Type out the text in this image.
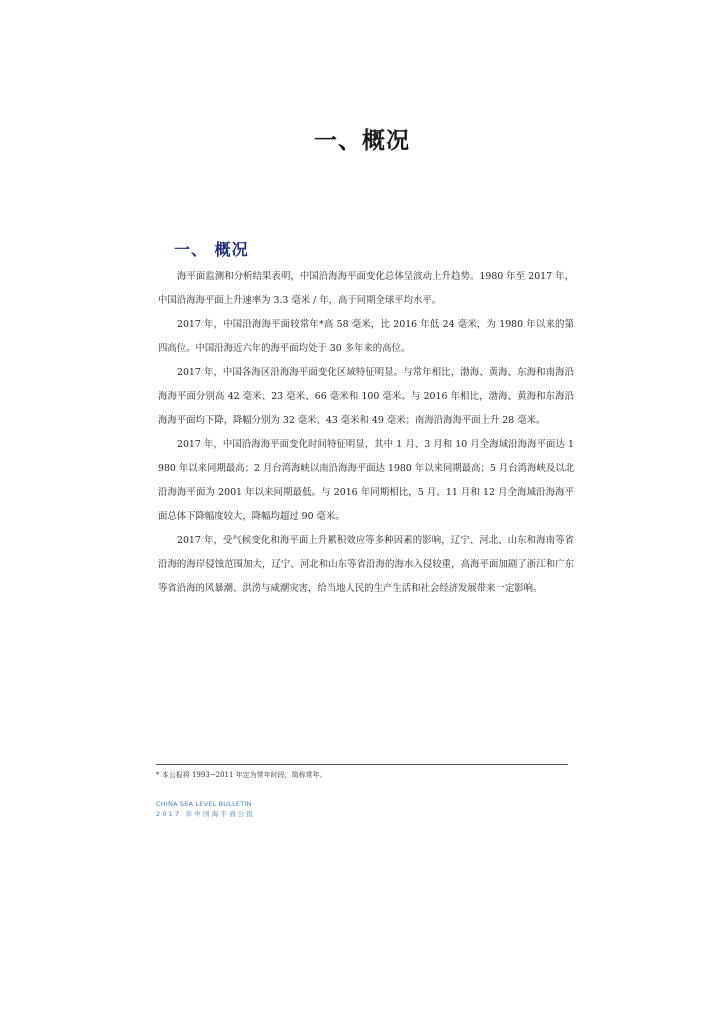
一、概况
一、 概况

海平面监测和分析结果表明，中国沿海海平面变化总体呈波动上升趋势。1980 年至 2017 年，中国沿海海平面上升速率为 3.3 毫米 / 年，高于同期全球平均水平。

2017 年，中国沿海海平面较常年*高 58 毫米，比 2016 年低 24 毫米，为 1980 年以来的第四高位。中国沿海近六年的海平面均处于 30 多年来的高位。

2017 年，中国各海区沿海海平面变化区域特征明显。与常年相比，渤海、黄海、东海和南海沿海海平面分别高 42 毫米、23 毫米、66 毫米和 100 毫米。与 2016 年相比，渤海、黄海和东海沿海海平面均下降，降幅分别为 32 毫米、43 毫米和 49 毫米；南海沿海海平面上升 28 毫米。

2017 年，中国沿海海平面变化时间特征明显，其中 1 月、3 月和 10 月全海域沿海海平面达 1980 年以来同期最高；2 月台湾海峡以南沿海海平面达 1980 年以来同期最高；5 月台湾海峡及以北沿海海平面为 2001 年以来同期最低。与 2016 年同期相比，5 月、11 月和 12 月全海域沿海海平面总体下降幅度较大，降幅均超过 90 毫米。

2017 年，受气候变化和海平面上升累积效应等多种因素的影响，辽宁、河北、山东和海南等省沿海的海岸侵蚀范围加大，辽宁、河北和山东等省沿海的海水入侵较重，高海平面加剧了浙江和广东等省沿海的风暴潮、洪涝与咸潮灾害，给当地人民的生产生活和社会经济发展带来一定影响。

* 本公报将 1993~2011 年定为常年时段，简称常年。
CHINA SEA LEVEL BULLETIN
2017 年中国海平面公报
